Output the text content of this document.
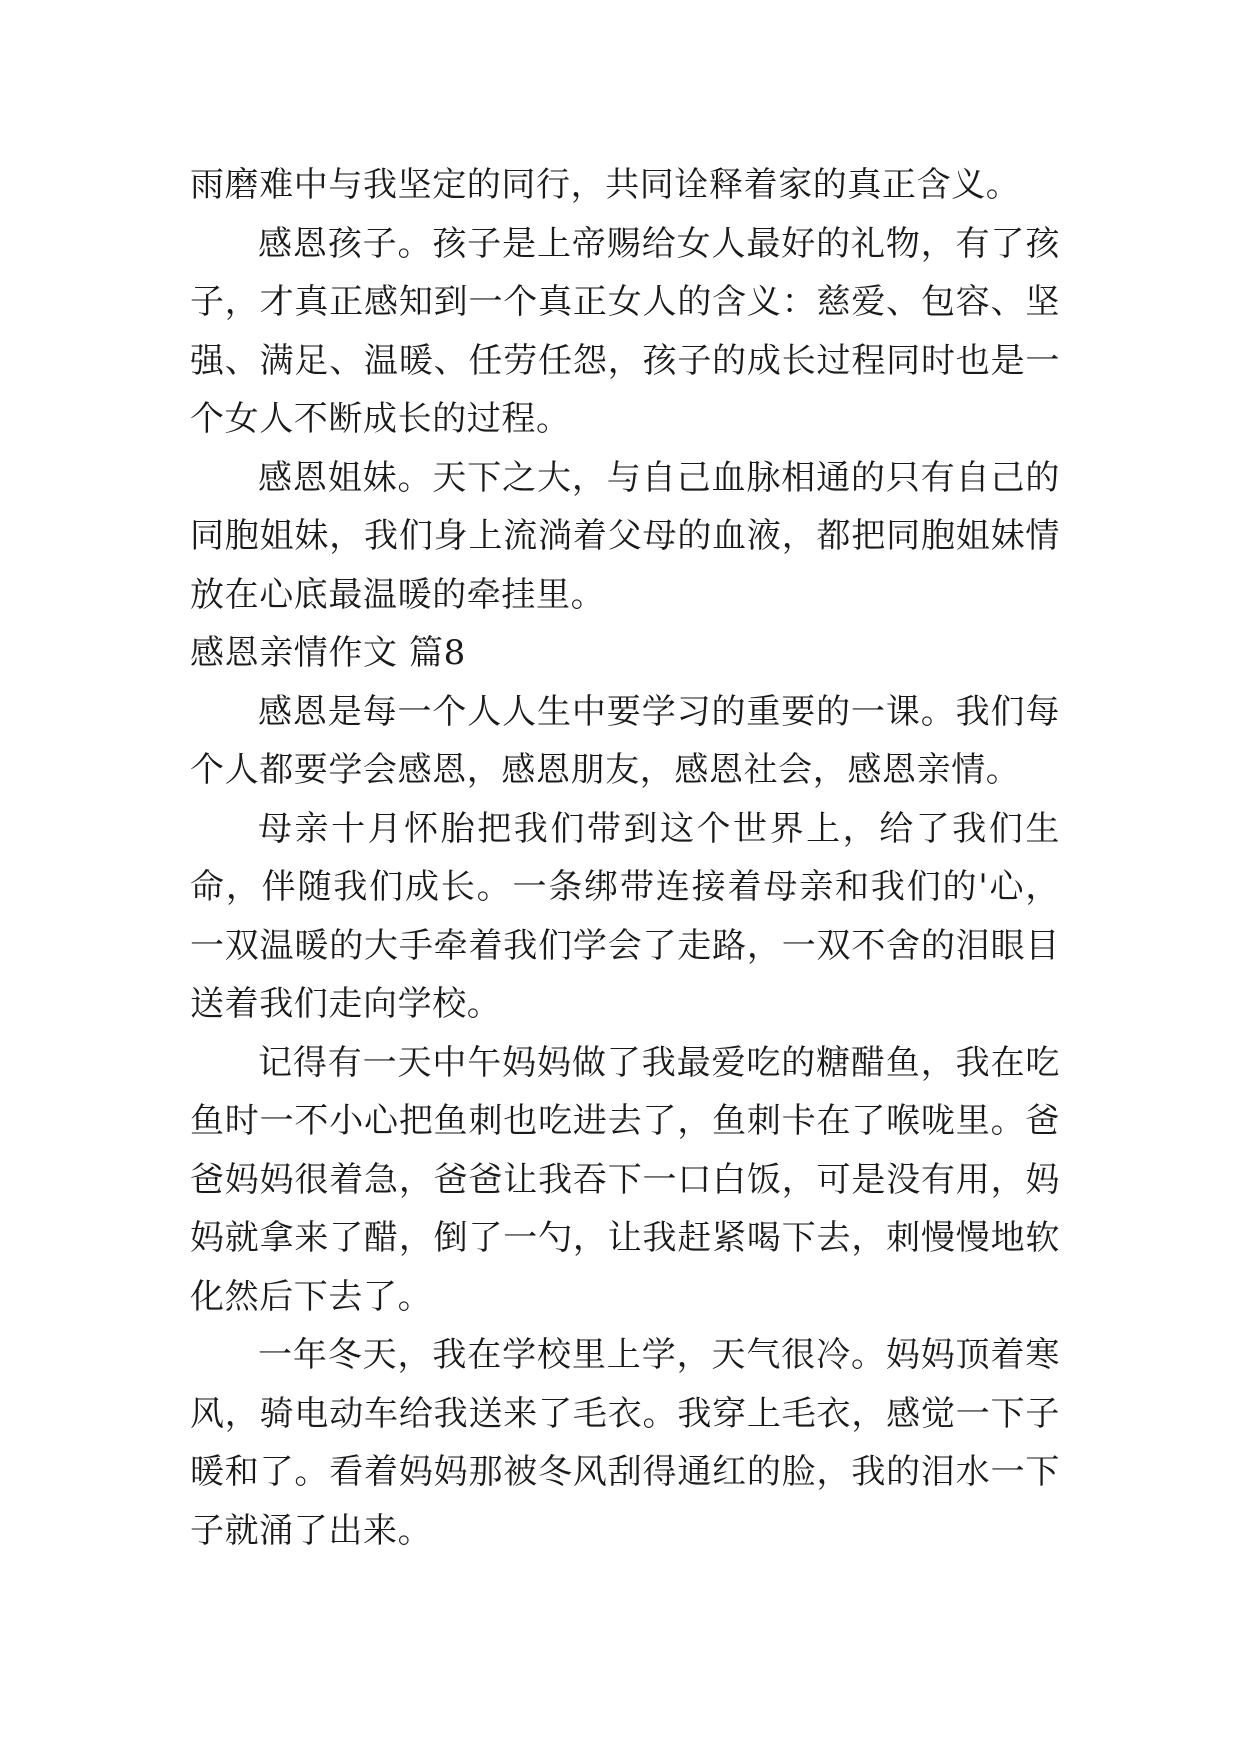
雨磨难中与我坚定的同行，共同诠释着家的真正含义。

感恩孩子。孩子是上帝赐给女人最好的礼物，有了孩子，才真正感知到一个真正女人的含义：慈爱、包容、坚强、满足、温暖、任劳任怨，孩子的成长过程同时也是一个女人不断成长的过程。

感恩姐妹。天下之大，与自己血脉相通的只有自己的同胞姐妹，我们身上流淌着父母的血液，都把同胞姐妹情放在心底最温暖的牵挂里。

感恩亲情作文 篇8

感恩是每一个人人生中要学习的重要的一课。我们每个人都要学会感恩，感恩朋友，感恩社会，感恩亲情。

母亲十月怀胎把我们带到这个世界上，给了我们生命，伴随我们成长。一条绑带连接着母亲和我们的'心，一双温暖的大手牵着我们学会了走路，一双不舍的泪眼目送着我们走向学校。

记得有一天中午妈妈做了我最爱吃的糖醋鱼，我在吃鱼时一不小心把鱼刺也吃进去了，鱼刺卡在了喉咙里。爸爸妈妈很着急，爸爸让我吞下一口白饭，可是没有用，妈妈就拿来了醋，倒了一勺，让我赶紧喝下去，刺慢慢地软化然后下去了。

一年冬天，我在学校里上学，天气很冷。妈妈顶着寒风，骑电动车给我送来了毛衣。我穿上毛衣，感觉一下子暖和了。看着妈妈那被冬风刮得通红的脸，我的泪水一下子就涌了出来。
